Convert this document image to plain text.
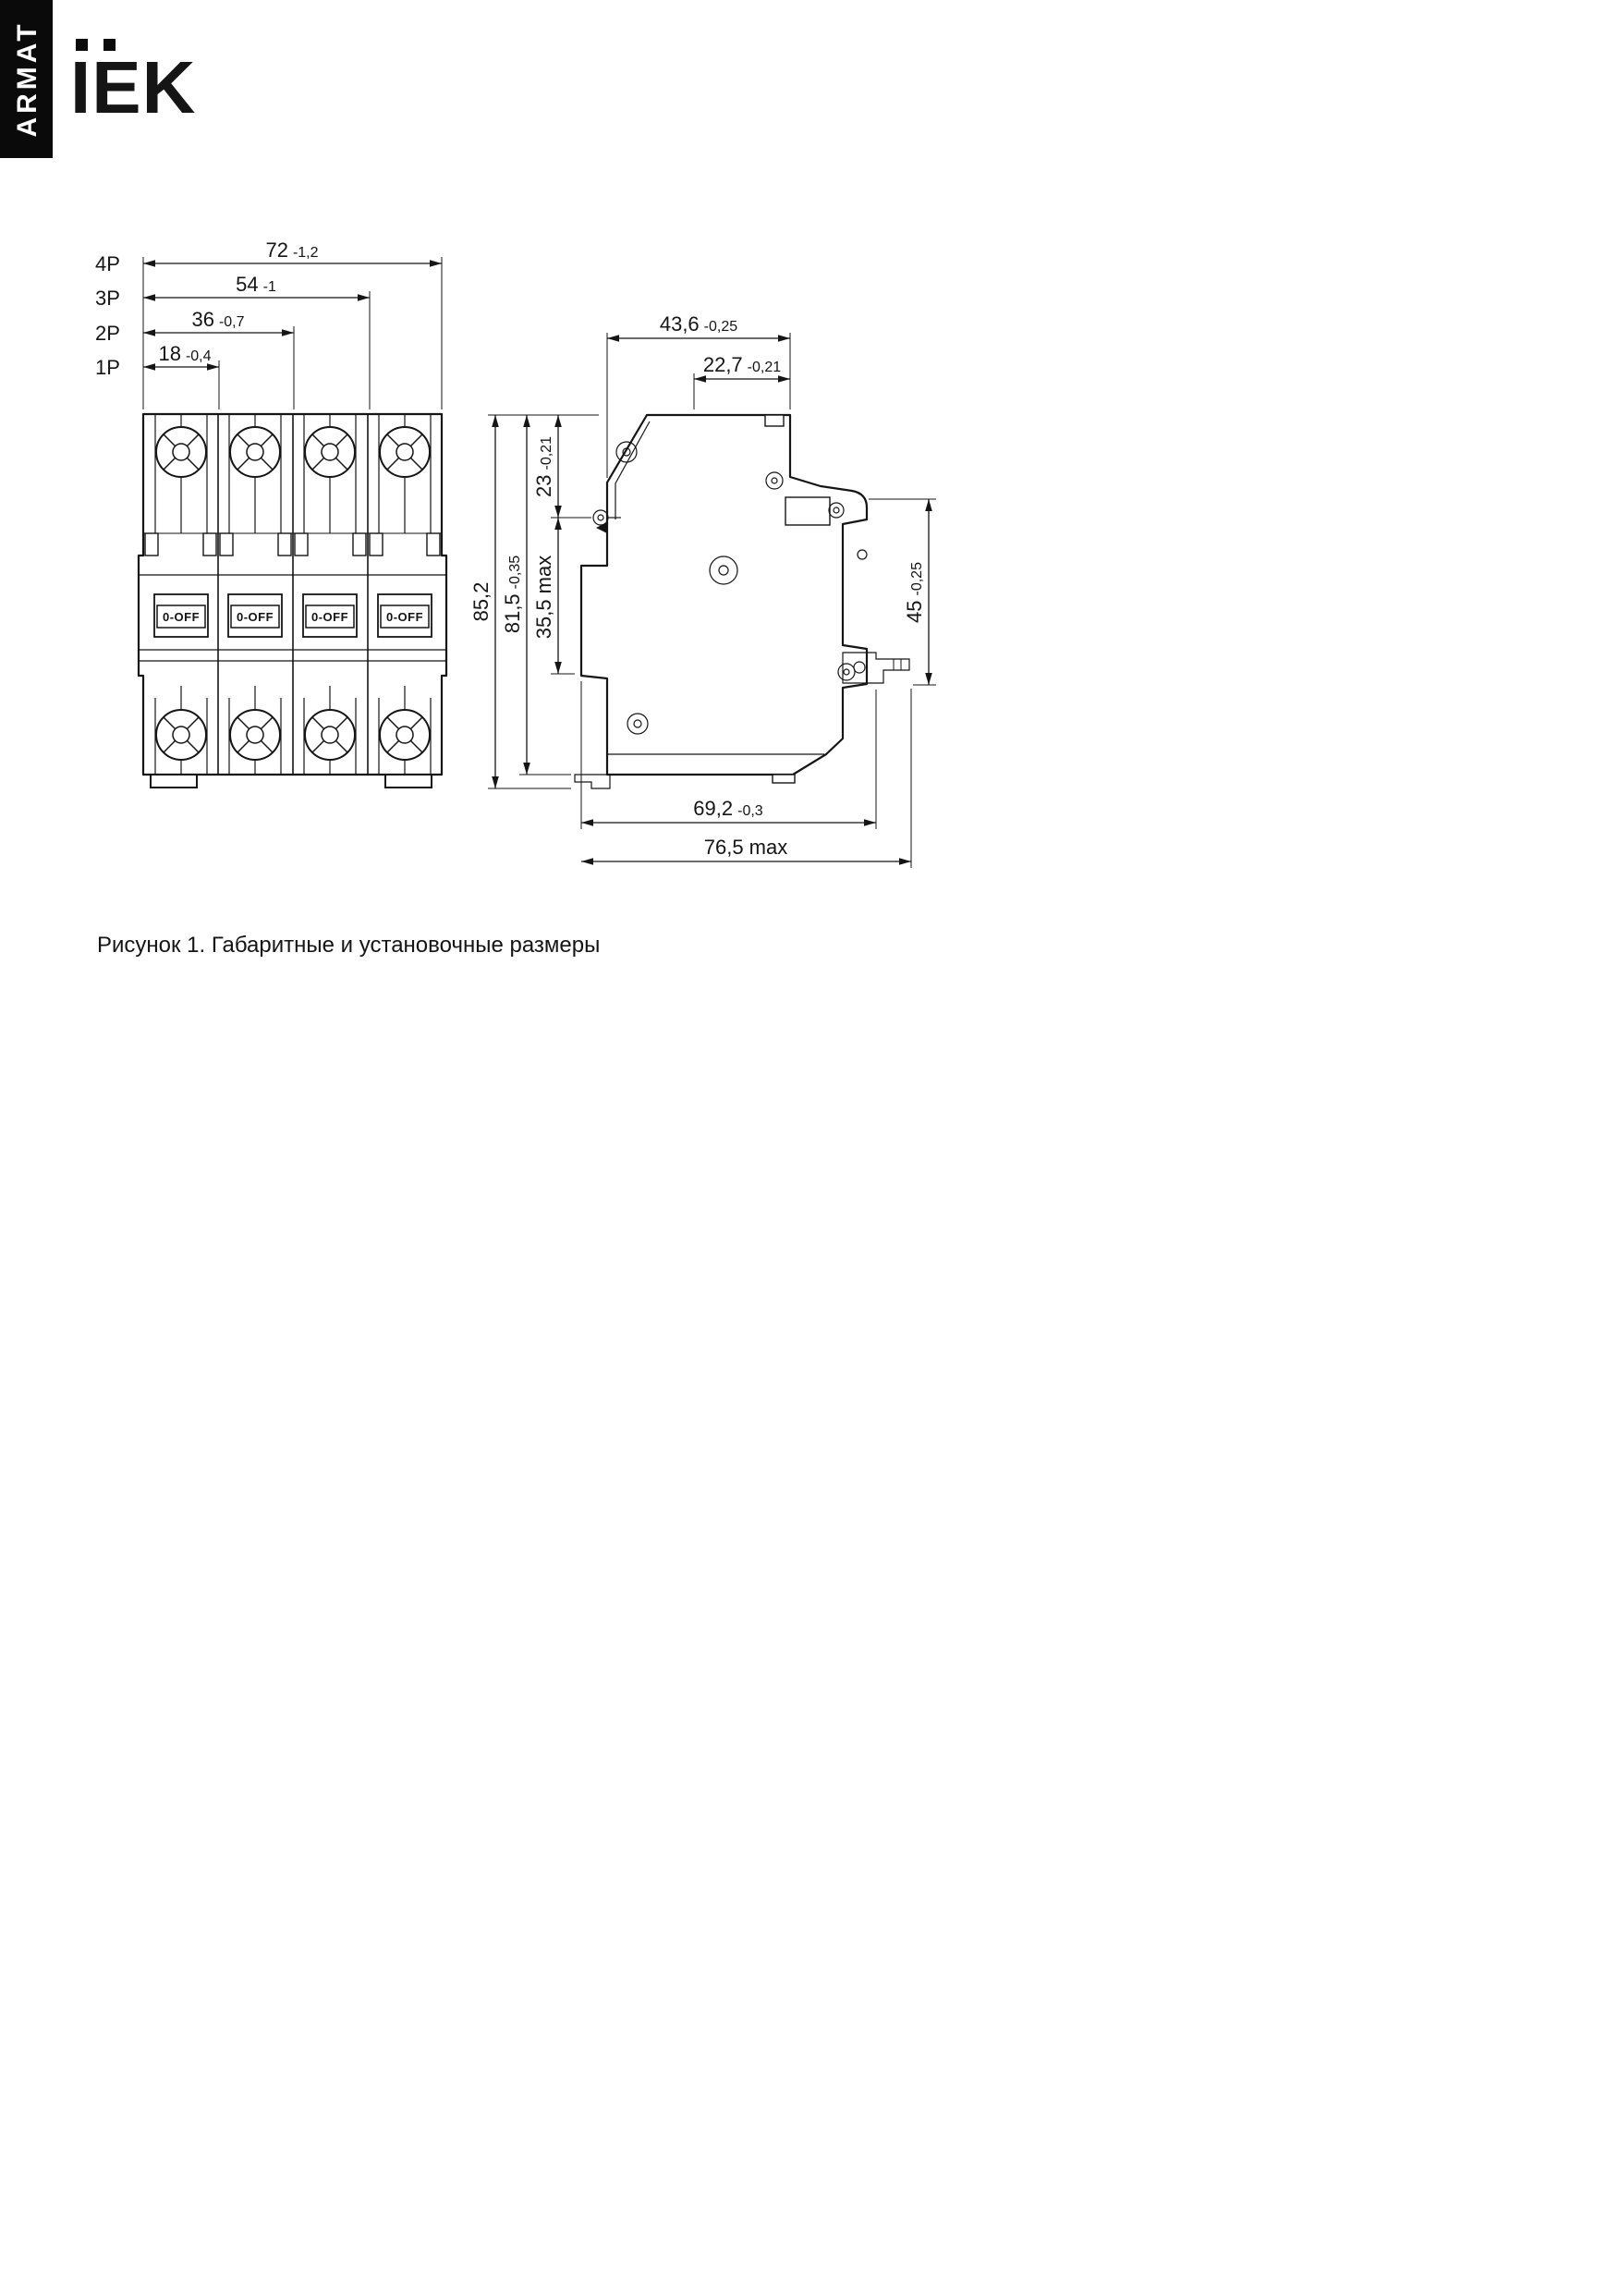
ARMAT IEK
0-OFF	0-OFF	0-OFF	0-OFF
4P
3P
2P
1P
72 -1,2
54 -1
36 -0,7
18 -0,4
43,6 -0,25
22,7 -0,21
85,2 81,5-0,35
23-0,21
35,5 max	45-0,25
69,2 -0,3
76,5 max
Рисунок 1. Габаритные и установочные размеры
